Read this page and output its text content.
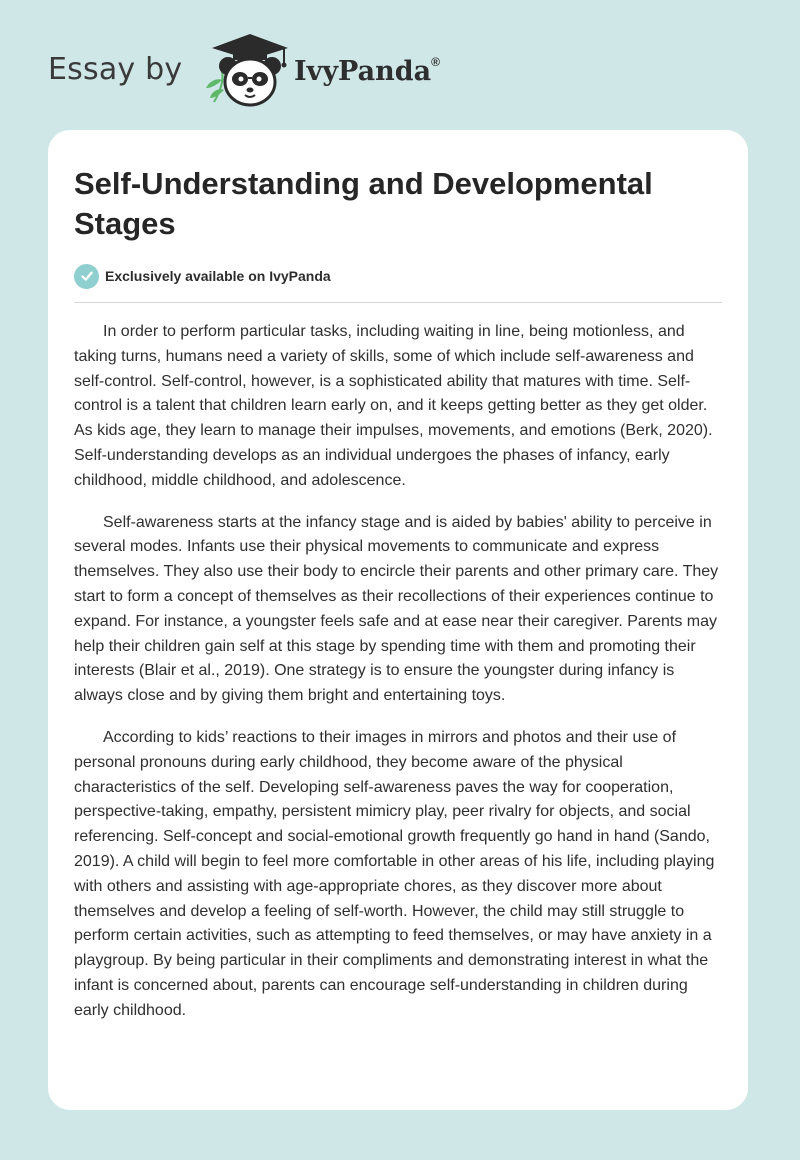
Essay by	IvyPanda®
Self-Understanding and Developmental Stages
Exclusively available on IvyPanda

In order to perform particular tasks, including waiting in line, being motionless, and taking turns, humans need a variety of skills, some of which include self-awareness and self-control. Self-control, however, is a sophisticated ability that matures with time. Self-control is a talent that children learn early on, and it keeps getting better as they get older. As kids age, they learn to manage their impulses, movements, and emotions (Berk, 2020). Self-understanding develops as an individual undergoes the phases of infancy, early childhood, middle childhood, and adolescence.

Self-awareness starts at the infancy stage and is aided by babies' ability to perceive in several modes. Infants use their physical movements to communicate and express themselves. They also use their body to encircle their parents and other primary care. They start to form a concept of themselves as their recollections of their experiences continue to expand. For instance, a youngster feels safe and at ease near their caregiver. Parents may help their children gain self at this stage by spending time with them and promoting their interests (Blair et al., 2019). One strategy is to ensure the youngster during infancy is always close and by giving them bright and entertaining toys.

According to kids’ reactions to their images in mirrors and photos and their use of personal pronouns during early childhood, they become aware of the physical characteristics of the self. Developing self-awareness paves the way for cooperation, perspective-taking, empathy, persistent mimicry play, peer rivalry for objects, and social referencing. Self-concept and social-emotional growth frequently go hand in hand (Sando, 2019). A child will begin to feel more comfortable in other areas of his life, including playing with others and assisting with age-appropriate chores, as they discover more about themselves and develop a feeling of self-worth. However, the child may still struggle to perform certain activities, such as attempting to feed themselves, or may have anxiety in a playgroup. By being particular in their compliments and demonstrating interest in what the infant is concerned about, parents can encourage self-understanding in children during early childhood.
